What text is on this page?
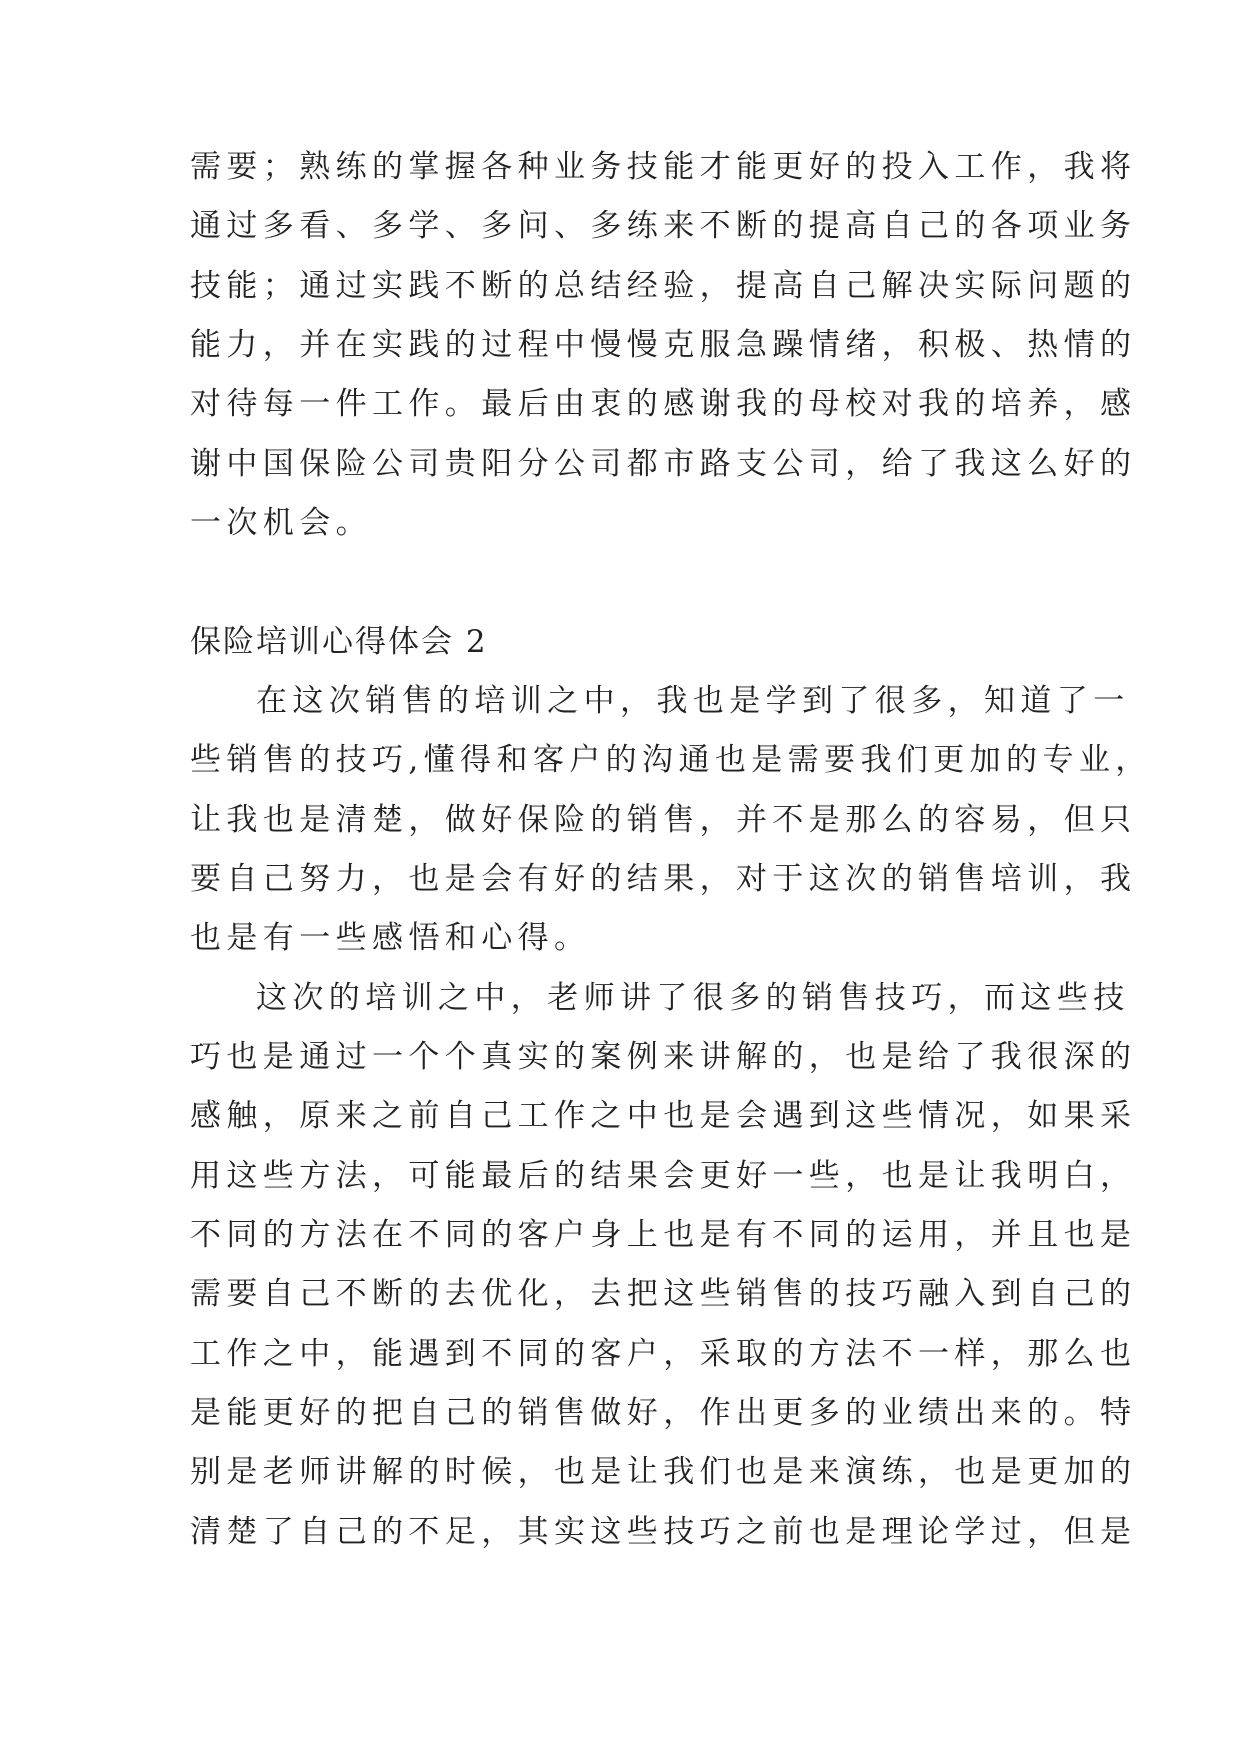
需要；熟练的掌握各种业务技能才能更好的投入工作，我将
通过多看、多学、多问、多练来不断的提高自己的各项业务
技能；通过实践不断的总结经验，提高自己解决实际问题的
能力，并在实践的过程中慢慢克服急躁情绪，积极、热情的
对待每一件工作。最后由衷的感谢我的母校对我的培养，感
谢中国保险公司贵阳分公司都市路支公司，给了我这么好的
一次机会。
保险培训心得体会 2
在这次销售的培训之中，我也是学到了很多，知道了一
些销售的技巧,懂得和客户的沟通也是需要我们更加的专业，
让我也是清楚，做好保险的销售，并不是那么的容易，但只
要自己努力，也是会有好的结果，对于这次的销售培训，我
也是有一些感悟和心得。
这次的培训之中，老师讲了很多的销售技巧，而这些技
巧也是通过一个个真实的案例来讲解的，也是给了我很深的
感触，原来之前自己工作之中也是会遇到这些情况，如果采
用这些方法，可能最后的结果会更好一些，也是让我明白，
不同的方法在不同的客户身上也是有不同的运用，并且也是
需要自己不断的去优化，去把这些销售的技巧融入到自己的
工作之中，能遇到不同的客户，采取的方法不一样，那么也
是能更好的把自己的销售做好，作出更多的业绩出来的。特
别是老师讲解的时候，也是让我们也是来演练，也是更加的
清楚了自己的不足，其实这些技巧之前也是理论学过，但是
